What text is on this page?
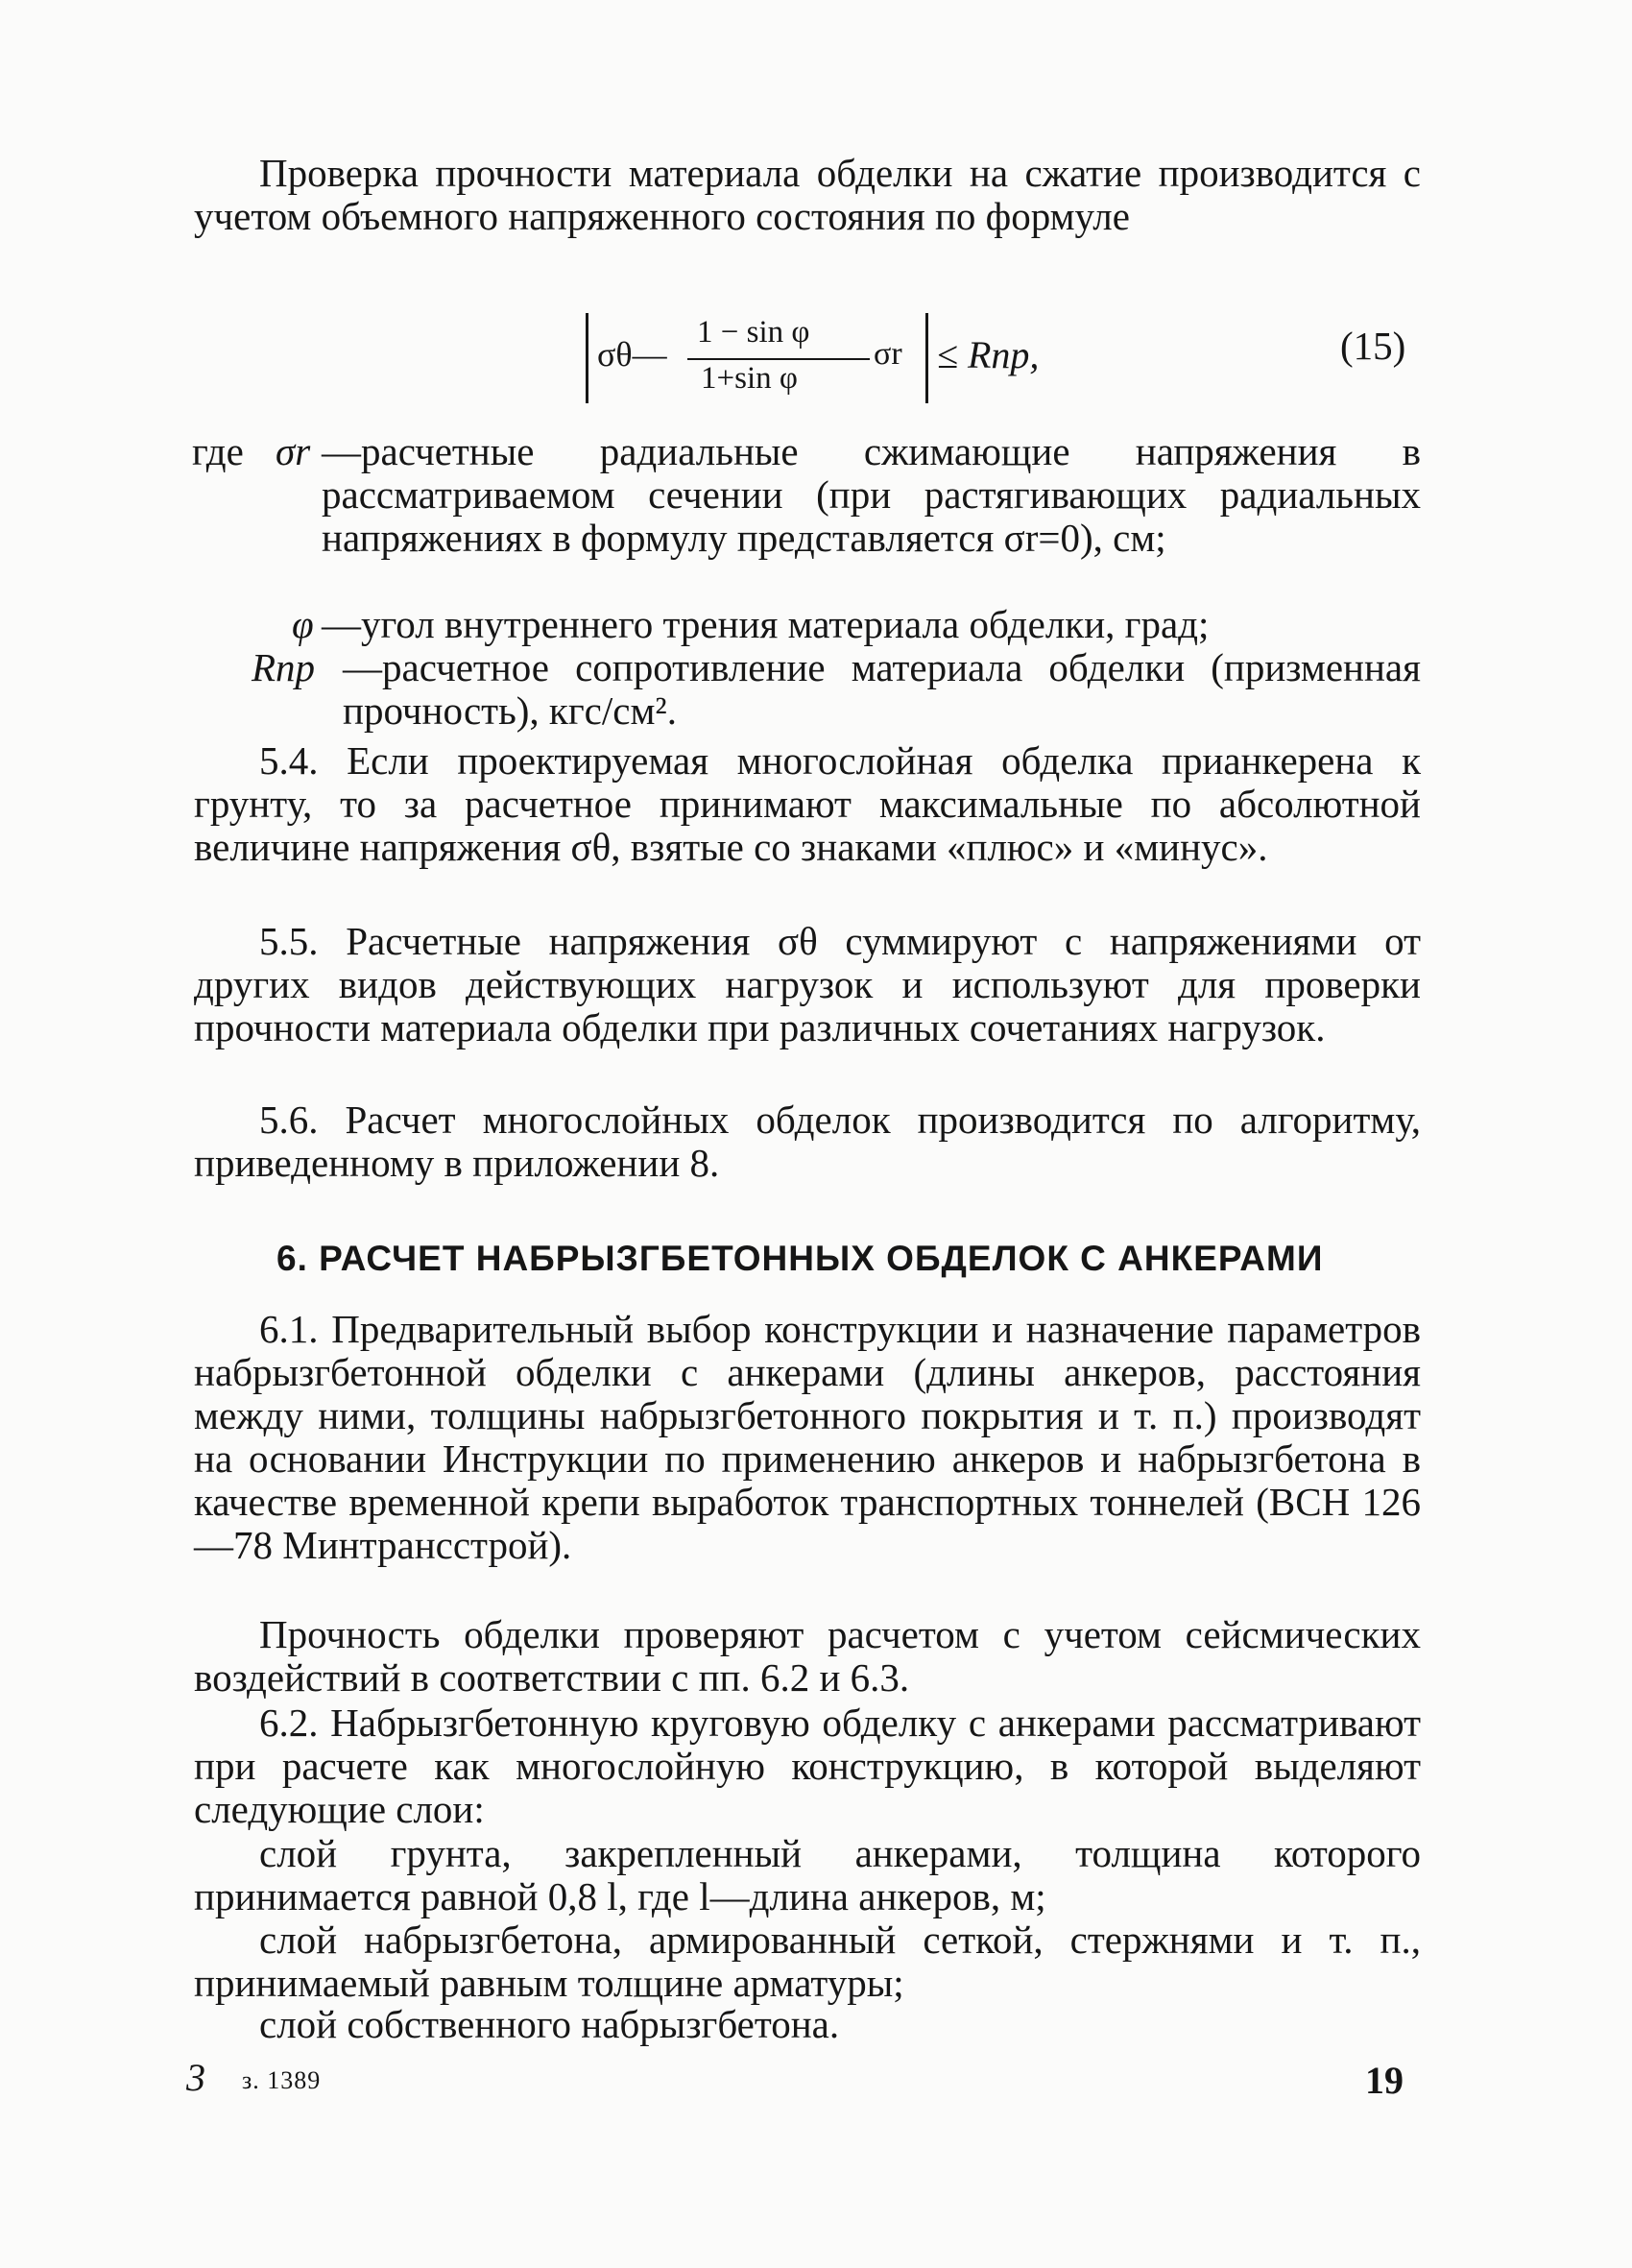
Проверка прочности материала обделки на сжатие производится с учетом объемного напряженного состояния по формуле
σθ—
1 − sin φ
1+sin φ
σr ≤ Rпр,	(15)
где σr —расчетные радиальные сжимающие напряжения в рассматриваемом сечении (при растягивающих радиальных напряжениях в формулу представляется σr=0), см;
φ —угол внутреннего трения материала обделки, град;
Rпр —расчетное сопротивление материала обделки (призменная прочность), кгс/см².
5.4. Если проектируемая многослойная обделка прианкерена к грунту, то за расчетное принимают максимальные по абсолютной величине напряжения σθ, взятые со знаками «плюс» и «минус».
5.5. Расчетные напряжения σθ суммируют с напряжениями от других видов действующих нагрузок и используют для проверки прочности материала обделки при различных сочетаниях нагрузок.
5.6. Расчет многослойных обделок производится по алгоритму, приведенному в приложении 8.
6. РАСЧЕТ НАБРЫЗГБЕТОННЫХ ОБДЕЛОК С АНКЕРАМИ
6.1. Предварительный выбор конструкции и назначение параметров набрызгбетонной обделки с анкерами (длины анкеров, расстояния между ними, толщины набрызгбетонного покрытия и т. п.) производят на основании Инструкции по применению анкеров и набрызгбетона в качестве временной крепи выработок транспортных тоннелей (ВСН 126—78 Минтрансстрой).
Прочность обделки проверяют расчетом с учетом сейсмических воздействий в соответствии с пп. 6.2 и 6.3.
6.2. Набрызгбетонную круговую обделку с анкерами рассматривают при расчете как многослойную конструкцию, в которой выделяют следующие слои:
слой грунта, закрепленный анкерами, толщина которого принимается равной 0,8 l, где l—длина анкеров, м;
слой набрызгбетона, армированный сеткой, стержнями и т. п., принимаемый равным толщине арматуры;
слой собственного набрызгбетона.
3 з. 1389	19
